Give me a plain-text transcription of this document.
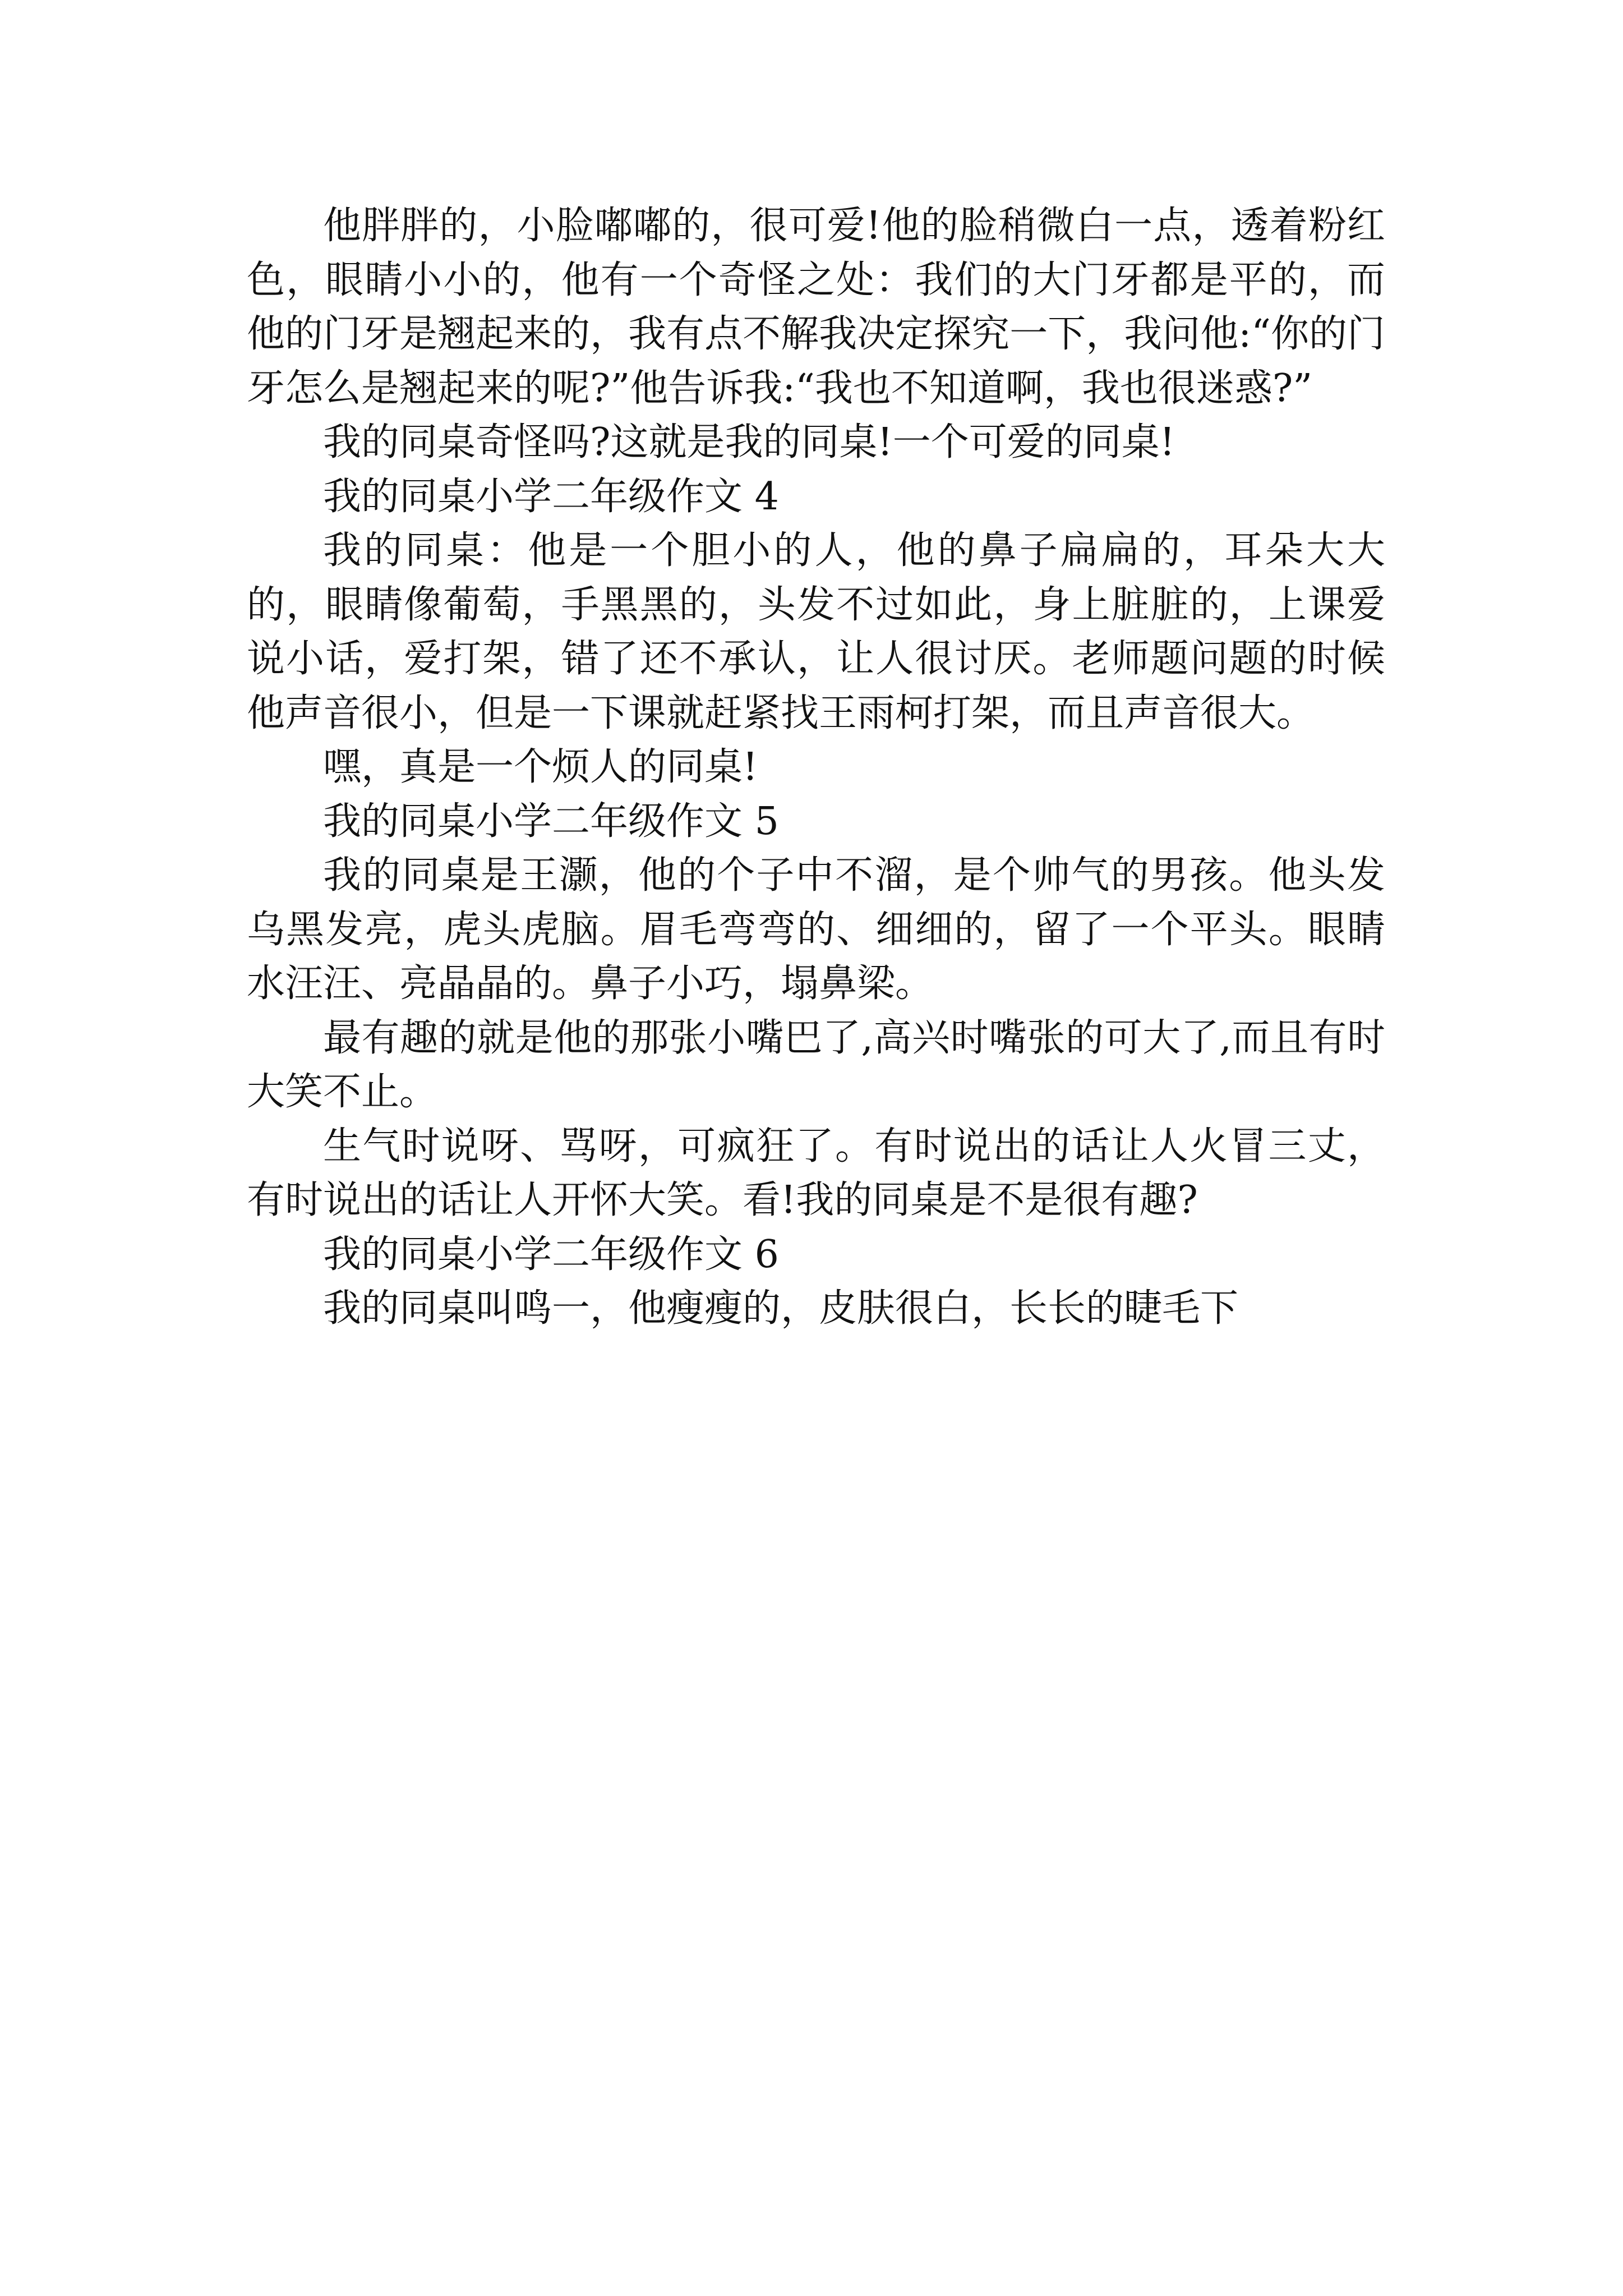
他胖胖的，小脸嘟嘟的，很可爱!他的脸稍微白一点，透着粉红色，眼睛小小的，他有一个奇怪之处：我们的大门牙都是平的，而他的门牙是翘起来的，我有点不解我决定探究一下，我问他:“你的门牙怎么是翘起来的呢?”他告诉我:“我也不知道啊，我也很迷惑?”

我的同桌奇怪吗?这就是我的同桌!一个可爱的同桌!

我的同桌小学二年级作文 4

我的同桌：他是一个胆小的人，他的鼻子扁扁的，耳朵大大的，眼睛像葡萄，手黑黑的，头发不过如此，身上脏脏的，上课爱说小话，爱打架，错了还不承认，让人很讨厌。老师题问题的时候他声音很小，但是一下课就赶紧找王雨柯打架，而且声音很大。

嘿，真是一个烦人的同桌!

我的同桌小学二年级作文 5

我的同桌是王灏，他的个子中不溜，是个帅气的男孩。他头发乌黑发亮，虎头虎脑。眉毛弯弯的、细细的，留了一个平头。眼睛水汪汪、亮晶晶的。鼻子小巧，塌鼻梁。

最有趣的就是他的那张小嘴巴了,高兴时嘴张的可大了,而且有时大笑不止。

生气时说呀、骂呀，可疯狂了。有时说出的话让人火冒三丈，有时说出的话让人开怀大笑。看!我的同桌是不是很有趣?

我的同桌小学二年级作文 6

我的同桌叫鸣一，他瘦瘦的，皮肤很白，长长的睫毛下
